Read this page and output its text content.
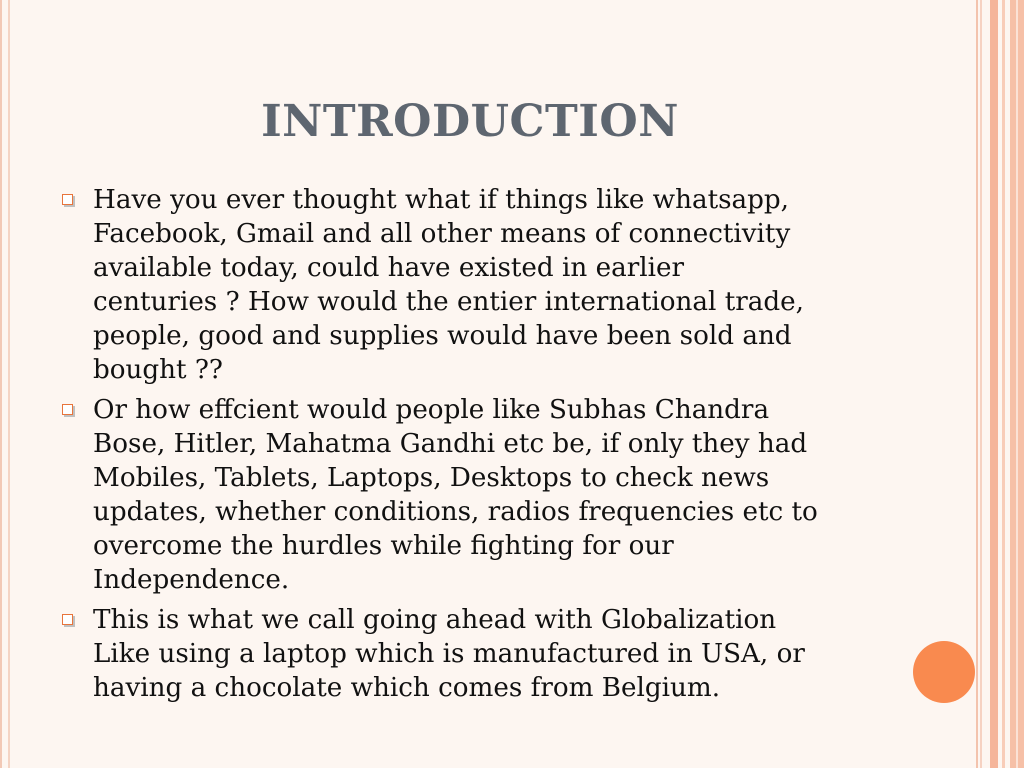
INTRODUCTION
Have you ever thought what if things like whatsapp,
Facebook, Gmail and all other means of connectivity
available today, could have existed in earlier
centuries ? How would the entier international trade,
people, good and supplies would have been sold and
bought ??
Or how effcient would people like Subhas Chandra
Bose, Hitler, Mahatma Gandhi etc be, if only they had
Mobiles, Tablets, Laptops, Desktops to check news
updates, whether conditions, radios frequencies etc to
overcome the hurdles while fighting for our
Independence.
This is what we call going ahead with Globalization
Like using a laptop which is manufactured in USA, or
having a chocolate which comes from Belgium.
